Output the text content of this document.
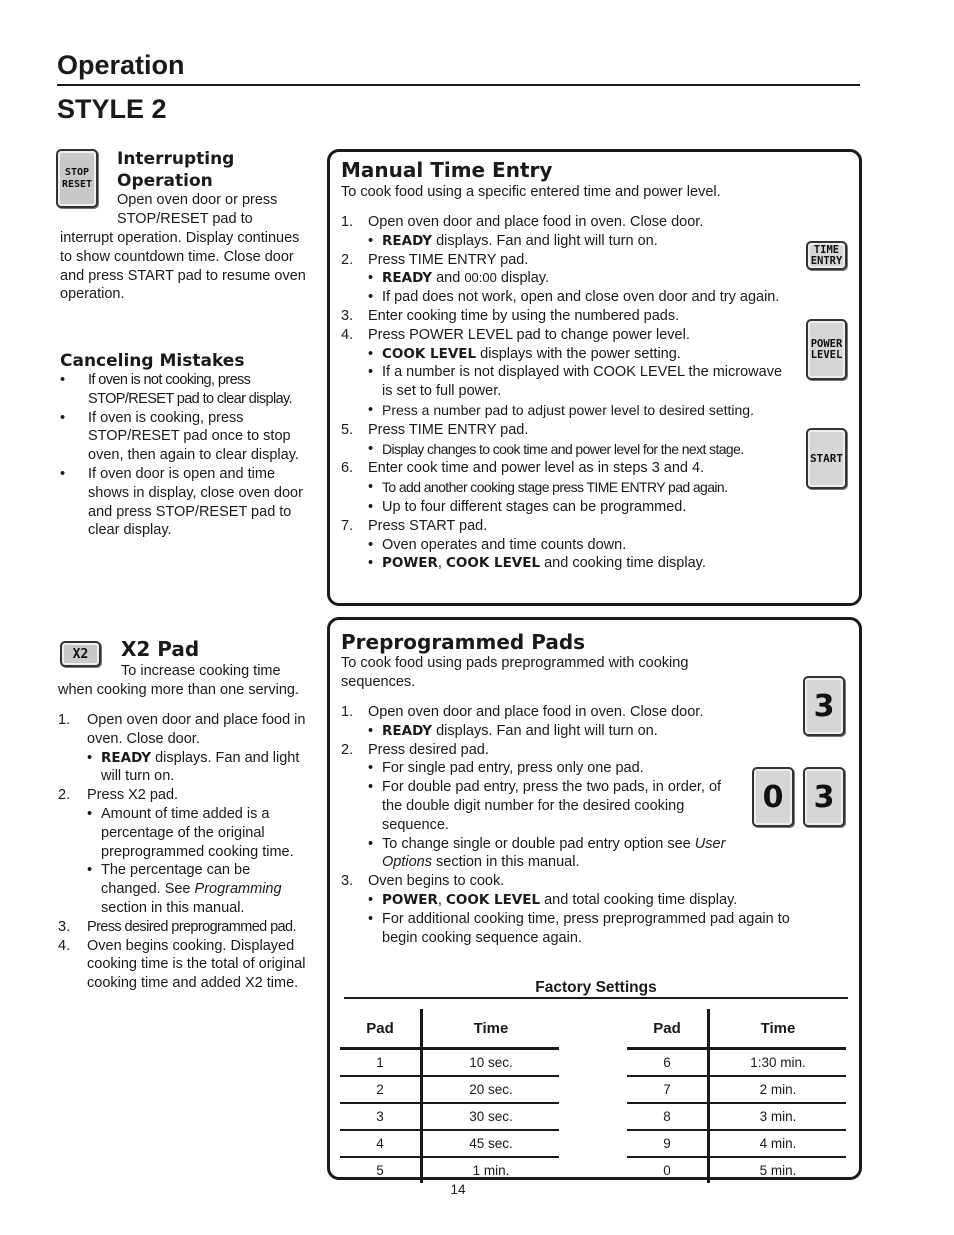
Operation
STYLE 2
STOP
RESET
Interrupting
Operation
Open oven door or press
STOP/RESET pad to
interrupt operation. Display continues to show countdown time. Close door and press START pad to resume oven operation.
Canceling Mistakes
• If oven is not cooking, press STOP/RESET pad to clear display.
• If oven is cooking, press STOP/RESET pad once to stop oven, then again to clear display.
• If oven door is open and time shows in display, close oven door and press STOP/RESET pad to clear display.
X2 X2 Pad
To increase cooking time
when cooking more than one serving.
1. Open oven door and place food in oven. Close door.
• READY displays. Fan and light will turn on.
2. Press X2 pad.
• Amount of time added is a percentage of the original preprogrammed cooking time.
• The percentage can be changed. See Programming section in this manual.
3. Press desired preprogrammed pad.
4. Oven begins cooking. Displayed cooking time is the total of original cooking time and added X2 time.
Manual Time Entry
To cook food using a specific entered time and power level.
1. Open oven door and place food in oven. Close door.
• READY displays. Fan and light will turn on.
2. Press TIME ENTRY pad.
• READY and 00:00 display.
• If pad does not work, open and close oven door and try again.
3. Enter cooking time by using the numbered pads.
4. Press POWER LEVEL pad to change power level.
• COOK LEVEL displays with the power setting.
• If a number is not displayed with COOK LEVEL the microwave is set to full power.
• Press a number pad to adjust power level to desired setting.
5. Press TIME ENTRY pad.
• Display changes to cook time and power level for the next stage.
6. Enter cook time and power level as in steps 3 and 4.
• To add another cooking stage press TIME ENTRY pad again.
• Up to four different stages can be programmed.
7. Press START pad.
• Oven operates and time counts down.
• POWER, COOK LEVEL and cooking time display.
TIME
ENTRY
POWER
LEVEL
START
Preprogrammed Pads
To cook food using pads preprogrammed with cooking
sequences.
1. Open oven door and place food in oven. Close door.
• READY displays. Fan and light will turn on.
2. Press desired pad.
• For single pad entry, press only one pad.
• For double pad entry, press the two pads, in order, of the double digit number for the desired cooking sequence.
• To change single or double pad entry option see User Options section in this manual.
3. Oven begins to cook.
• POWER, COOK LEVEL and total cooking time display.
• For additional cooking time, press preprogrammed pad again to begin cooking sequence again.
3
0 3
Factory Settings
Pad	Time
1	10 sec.
2	20 sec.
3	30 sec.
4	45 sec.
5	1 min.
Pad	Time
6	1:30 min.
7	2 min.
8	3 min.
9	4 min.
0	5 min.
14
